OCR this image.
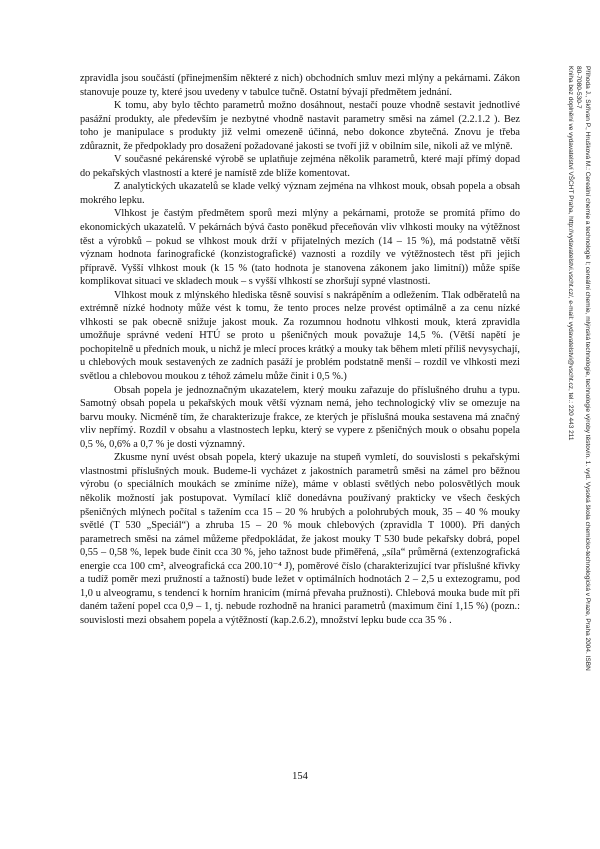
zpravidla jsou součástí (přinejmenším některé z nich) obchodních smluv mezi mlýny a pekárnami. Zákon stanovuje pouze ty, které jsou uvedeny v tabulce tučně. Ostatní bývají předmětem jednání.

K tomu, aby bylo těchto parametrů možno dosáhnout, nestačí pouze vhodně sestavit jednotlivé pasážní produkty, ale především je nezbytné vhodně nastavit parametry směsi na zámel (2.2.1.2 ). Bez toho je manipulace s produkty již velmi omezeně účinná, nebo dokonce zbytečná. Znovu je třeba zdůraznit, že předpoklady pro dosažení požadované jakosti se tvoří již v obilním sile, nikoli až ve mlýně.

V současné pekárenské výrobě se uplatňuje zejména několik parametrů, které mají přímý dopad do pekařských vlastností a které je namístě zde blíže komentovat.

Z analytických ukazatelů se klade velký význam zejména na vlhkost mouk, obsah popela a obsah mokrého lepku.

Vlhkost je častým předmětem sporů mezi mlýny a pekárnami, protože se promítá přímo do ekonomických ukazatelů. V pekárnách bývá často poněkud přeceňován vliv vlhkosti mouky na výtěžnost těst a výrobků – pokud se vlhkost mouk drží v přijatelných mezích (14 – 15 %), má podstatně větší význam hodnota farinografické (konzistografické) vaznosti a rozdíly ve výtěžnostech těst při jejich přípravě. Vyšší vlhkost mouk (k 15 % (tato hodnota je stanovena zákonem jako limitní)) může spíše komplikovat situaci ve skladech mouk – s vyšší vlhkostí se zhoršují sypné vlastnosti.

Vlhkost mouk z mlýnského hlediska těsně souvisí s nakrápěním a odležením. Tlak odběratelů na extrémně nízké hodnoty může vést k tomu, že tento proces nelze provést optimálně a za cenu nízké vlhkosti se pak obecně snižuje jakost mouk. Za rozumnou hodnotu vlhkosti mouk, která zpravidla umožňuje správné vedení HTÚ se proto u pšeničných mouk považuje 14,5 %. (Větší napětí je pochopitelně u předních mouk, u nichž je mlecí proces krátký a mouky tak během mletí příliš nevysychají, u chlebových mouk sestavených ze zadních pasáží je problém podstatně menší – rozdíl ve vlhkosti mezi světlou a chlebovou moukou z téhož zámelu může činit i 0,5 %.)

Obsah popela je jednoznačným ukazatelem, který mouku zařazuje do příslušného druhu a typu. Samotný obsah popela u pekařských mouk větší význam nemá, jeho technologický vliv se omezuje na barvu mouky. Nicméně tím, že charakterizuje frakce, ze kterých je příslušná mouka sestavena má značný vliv nepřímý. Rozdíl v obsahu a vlastnostech lepku, který se vypere z pšeničných mouk o obsahu popela 0,5 %, 0,6% a 0,7 % je dosti významný.

Zkusme nyní uvést obsah popela, který ukazuje na stupeň vymletí, do souvislosti s pekařskými vlastnostmi příslušných mouk. Budeme-li vycházet z jakostních parametrů směsi na zámel pro běžnou výrobu (o speciálních moukách se zmíníme níže), máme v oblasti světlých nebo polosvětlých mouk několik možností jak postupovat. Vymílací klíč donedávna používaný prakticky ve všech českých pšeničných mlýnech počítal s tažením cca 15 – 20 % hrubých a polohrubých mouk, 35 – 40 % mouky světlé (T 530 „Speciál“) a zhruba 15 – 20 % mouk chlebových (zpravidla T 1000). Při daných parametrech směsi na zámel můžeme předpokládat, že jakost mouky T 530 bude pekařsky dobrá, popel 0,55 – 0,58 %, lepek bude činit cca 30 %, jeho tažnost bude přiměřená, „síla“ průměrná (extenzografická energie cca 100 cm², alveografická cca 200.10⁻⁴ J), poměrové číslo (charakterizující tvar příslušné křivky a tudíž poměr mezi pružností a tažností) bude ležet v optimálních hodnotách 2 – 2,5 u extezogramu, pod 1,0 u alveogramu, s tendencí k horním hranicím (mírná převaha pružnosti). Chlebová mouka bude mít při daném tažení popel cca 0,9 – 1, tj. nebude rozhodně na hranici parametrů (maximum činí 1,15 %) (pozn.: souvislosti mezi obsahem popela a výtěžností (kap.2.6.2), množství lepku bude cca 35 % .

154
Příhoda J., Skřivan P., Hrušková M.: Cereální chemie a technologie I; cereální chemie, mlýnská technologie, technologie výroby těstovin. 1. vyd. Vysoká škola chemicko-technologická v Praze, Praha 2004. ISBN
80-7080-530-7
Kniha bez doplnění ve vydavatelství VŠCHT Praha, http://vydavatelstvi.vscht.cz/, e-mail: vydavatelstvi@vscht.cz, tel.: 220 443 211
